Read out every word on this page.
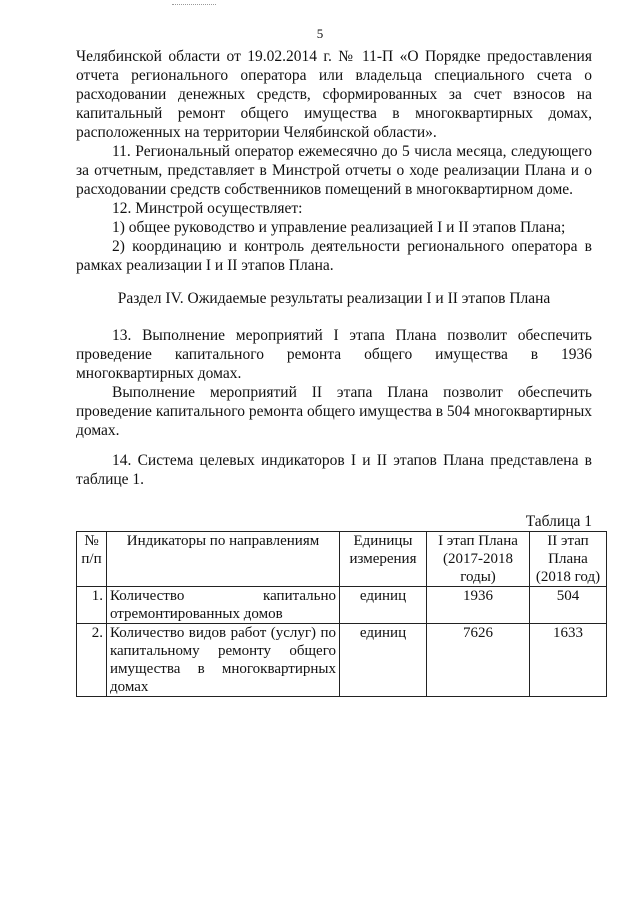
5

Челябинской области от 19.02.2014 г. № 11-П «О Порядке предоставления отчета регионального оператора или владельца специального счета о расходовании денежных средств, сформированных за счет взносов на капитальный ремонт общего имущества в многоквартирных домах, расположенных на территории Челябинской области».

11. Региональный оператор ежемесячно до 5 числа месяца, следующего за отчетным, представляет в Минстрой отчеты о ходе реализации Плана и о расходовании средств собственников помещений в многоквартирном доме.

12. Минстрой осуществляет:

1) общее руководство и управление реализацией I и II этапов Плана;

2) координацию и контроль деятельности регионального оператора в рамках реализации I и II этапов Плана.

Раздел IV. Ожидаемые результаты реализации I и II этапов Плана

13. Выполнение мероприятий I этапа Плана позволит обеспечить проведение капитального ремонта общего имущества в 1936 многоквартирных домах.

Выполнение мероприятий II этапа Плана позволит обеспечить проведение капитального ремонта общего имущества в 504 многоквартирных домах.

14. Система целевых индикаторов I и II этапов Плана представлена в таблице 1.

Таблица 1
№ п/п	Индикаторы по направлениям	Единицы измерения	I этап Плана (2017-2018 годы)	II этап Плана (2018 год)
1.	Количество капитально отремонтированных домов	единиц	1936	504
2.	Количество видов работ (услуг) по капитальному ремонту общего имущества в многоквартирных домах	единиц	7626	1633
